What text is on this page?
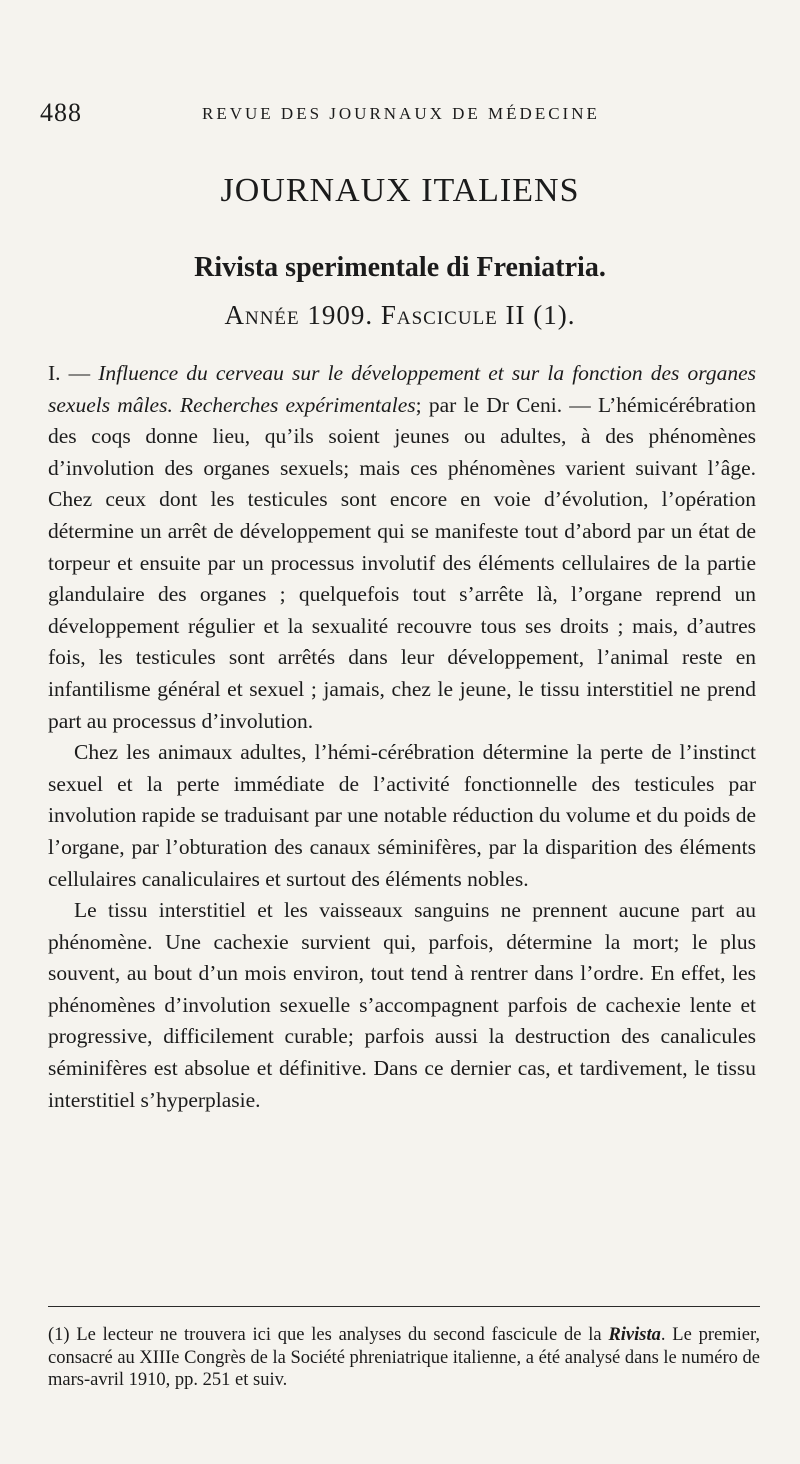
488	REVUE DES JOURNAUX DE MÉDECINE
JOURNAUX ITALIENS
Rivista sperimentale di Freniatria.
Année 1909. Fascicule II (1).

I. — Influence du cerveau sur le développement et sur la fonction des organes sexuels mâles. Recherches expérimentales; par le Dr Ceni. — L’hémicérébration des coqs donne lieu, qu’ils soient jeunes ou adultes, à des phénomènes d’involution des organes sexuels; mais ces phénomènes varient suivant l’âge. Chez ceux dont les testicules sont encore en voie d’évolution, l’opération détermine un arrêt de développement qui se manifeste tout d’abord par un état de torpeur et ensuite par un processus involutif des éléments cellulaires de la partie glandulaire des organes ; quelquefois tout s’arrête là, l’organe reprend un développement régulier et la sexualité recouvre tous ses droits ; mais, d’autres fois, les testicules sont arrêtés dans leur développement, l’animal reste en infantilisme général et sexuel ; jamais, chez le jeune, le tissu interstitiel ne prend part au processus d’involution.

Chez les animaux adultes, l’hémi-cérébration détermine la perte de l’instinct sexuel et la perte immédiate de l’activité fonctionnelle des testicules par involution rapide se traduisant par une notable réduction du volume et du poids de l’organe, par l’obturation des canaux séminifères, par la disparition des éléments cellulaires canaliculaires et surtout des éléments nobles.

Le tissu interstitiel et les vaisseaux sanguins ne prennent aucune part au phénomène. Une cachexie survient qui, parfois, détermine la mort; le plus souvent, au bout d’un mois environ, tout tend à rentrer dans l’ordre. En effet, les phénomènes d’involution sexuelle s’accompagnent parfois de cachexie lente et progressive, difficilement curable; parfois aussi la destruction des canalicules séminifères est absolue et définitive. Dans ce dernier cas, et tardivement, le tissu interstitiel s’hyperplasie.

(1) Le lecteur ne trouvera ici que les analyses du second fascicule de la Rivista. Le premier, consacré au XIIIe Congrès de la Société phreniatrique italienne, a été analysé dans le numéro de mars-avril 1910, pp. 251 et suiv.
